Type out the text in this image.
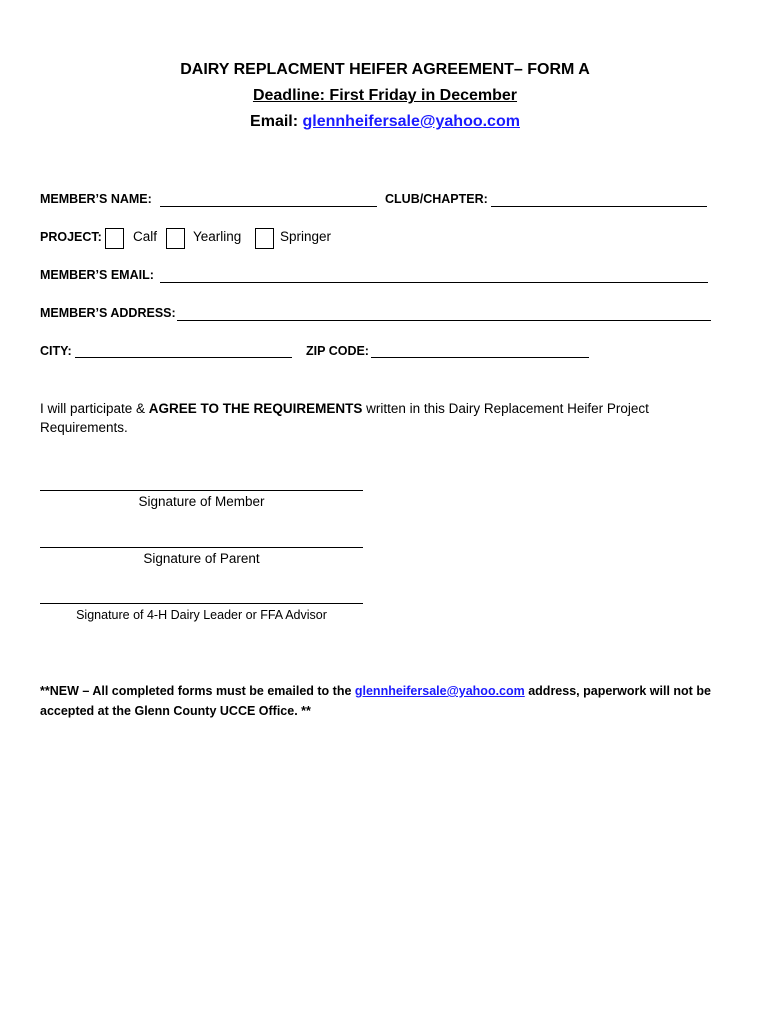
DAIRY REPLACMENT HEIFER AGREEMENT– FORM A
Deadline: First Friday in December
Email: glennheifersale@yahoo.com
MEMBER’S NAME:	CLUB/CHAPTER:
PROJECT: Calf	Yearling	Springer
MEMBER’S EMAIL:
MEMBER’S ADDRESS:
CITY:	ZIP CODE:
I will participate & AGREE TO THE REQUIREMENTS written in this Dairy Replacement Heifer Project Requirements.
Signature of Member
Signature of Parent
Signature of 4-H Dairy Leader or FFA Advisor
**NEW – All completed forms must be emailed to the glennheifersale@yahoo.com address, paperwork will not be accepted at the Glenn County UCCE Office. **
